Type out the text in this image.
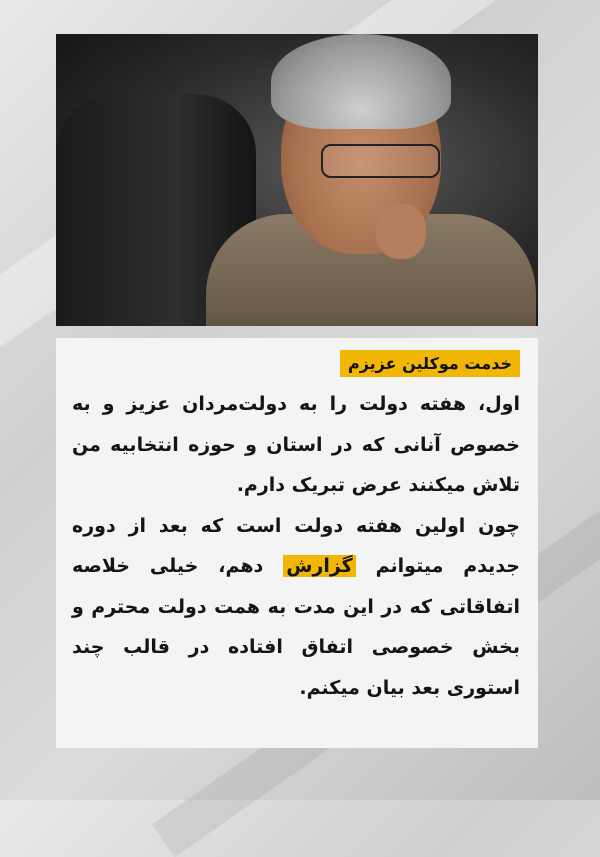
خدمت موکلین عزیزم
اول، هفته دولت را به دولت‌مردان عزیز و به خصوص آنانی که در استان و حوزه انتخابیه من تلاش میکنند عرض تبریک دارم.
چون اولین هفته دولت است که بعد از دوره جدیدم میتوانم گزارش دهم، خیلی خلاصه اتفاقاتی که در این مدت به همت دولت محترم و بخش خصوصی اتفاق افتاده در قالب چند استوری بعد بیان میکنم.
